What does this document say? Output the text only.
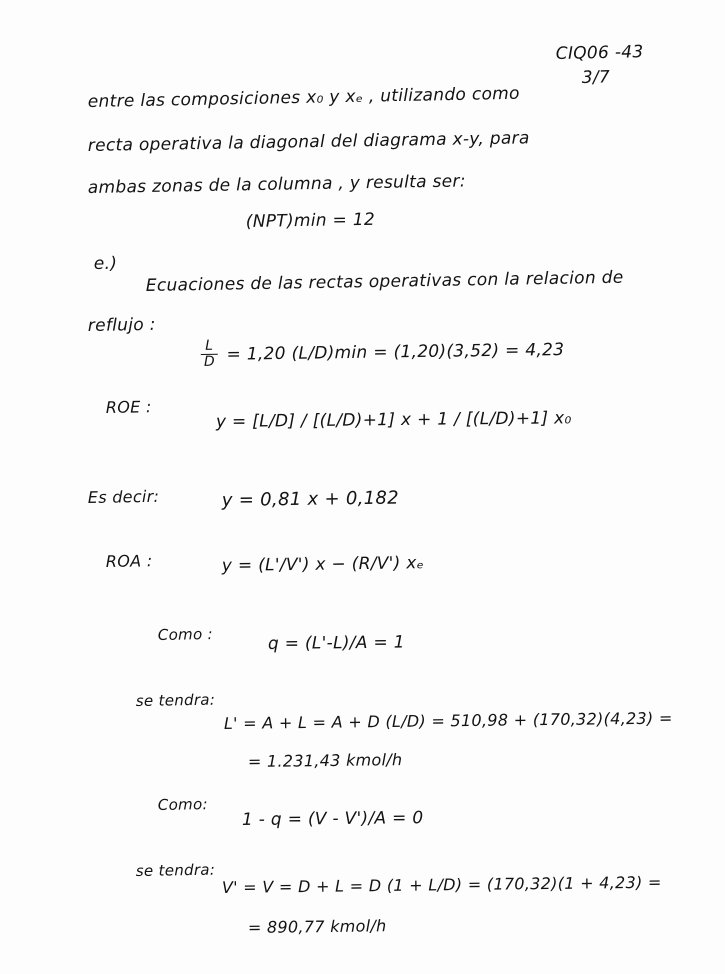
CIQ06 -43
3/7
entre las composiciones x₀ y xₑ , utilizando como
recta operativa la diagonal del diagrama x-y, para
ambas zonas de la columna , y resulta ser:
(NPT)min = 12
e.)
Ecuaciones de las rectas operativas con la relacion de
reflujo :
$\frac{L}{D} = 1,20$ (L/D)min = (1,20)(3,52) = 4,23
ROE :
y = [L/D] / [(L/D)+1] x + 1 / [(L/D)+1] x₀
Es decir:	y = 0,81 x + 0,182
ROA :	y = (L'/V') x − (R/V') xₑ
Como :	q = (L'-L)/A = 1
se tendra:
L' = A + L = A + D (L/D) = 510,98 + (170,32)(4,23) =
= 1.231,43 kmol/h
Como:
1 - q = (V - V')/A = 0
se tendra:
V' = V = D + L = D (1 + L/D) = (170,32)(1 + 4,23) =
= 890,77 kmol/h
